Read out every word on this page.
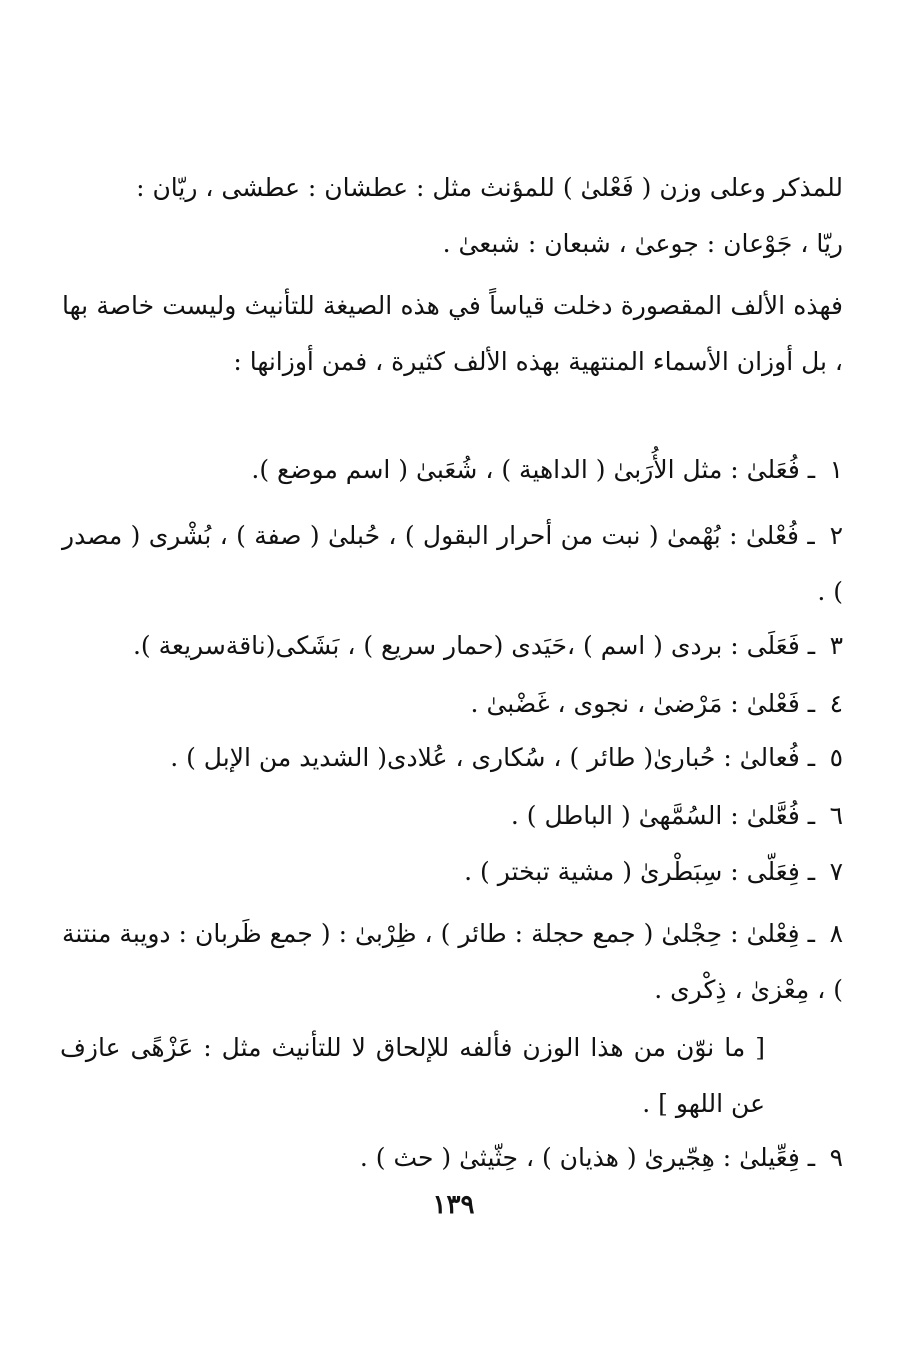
للمذكر وعلى وزن ( فَعْلىٰ ) للمؤنث مثل : عطشان : عطشى ، ريّان :
ريّا ، جَوْعان : جوعىٰ ، شبعان : شبعىٰ .
فهذه الألف المقصورة دخلت قياساً في هذه الصيغة للتأنيث وليست خاصة بها ، بل أوزان الأسماء المنتهية بهذه الألف كثيرة ، فمن أوزانها :
١ ـ فُعَلىٰ : مثل الأُرَبىٰ ( الداهية ) ، شُعَبىٰ ( اسم موضع ).
٢ ـ فُعْلىٰ : بُهْمىٰ ( نبت من أحرار البقول ) ، حُبلىٰ ( صفة ) ، بُشْرى ( مصدر ) .
٣ ـ فَعَلَى : بردى ( اسم ) ،حَيَدى (حمار سريع ) ، بَشَكى(ناقةسريعة ).
٤ ـ فَعْلىٰ : مَرْضىٰ ، نجوى ، غَضْبىٰ .
٥ ـ فُعالىٰ : حُبارىٰ( طائر ) ، سُكارى ، عُلادى( الشديد من الإبل ) .
٦ ـ فُعَّلىٰ : السُمَّهىٰ ( الباطل ) .
٧ ـ فِعَلّى : سِبَطْرىٰ ( مشية تبختر ) .
٨ ـ فِعْلىٰ : حِجْلىٰ ( جمع حجلة : طائر ) ، ظِرْبىٰ : ( جمع ظَربان : دويبة منتنة ) ، مِعْزىٰ ، ذِكْرى .
[ ما نوّن من هذا الوزن فألفه للإلحاق لا للتأنيث مثل : عَزْهًى عازف عن اللهو ] .
٩ ـ فِعِّيلىٰ : هِجّيرىٰ ( هذيان ) ، حِثّيثىٰ ( حث ) .
١٣٩
